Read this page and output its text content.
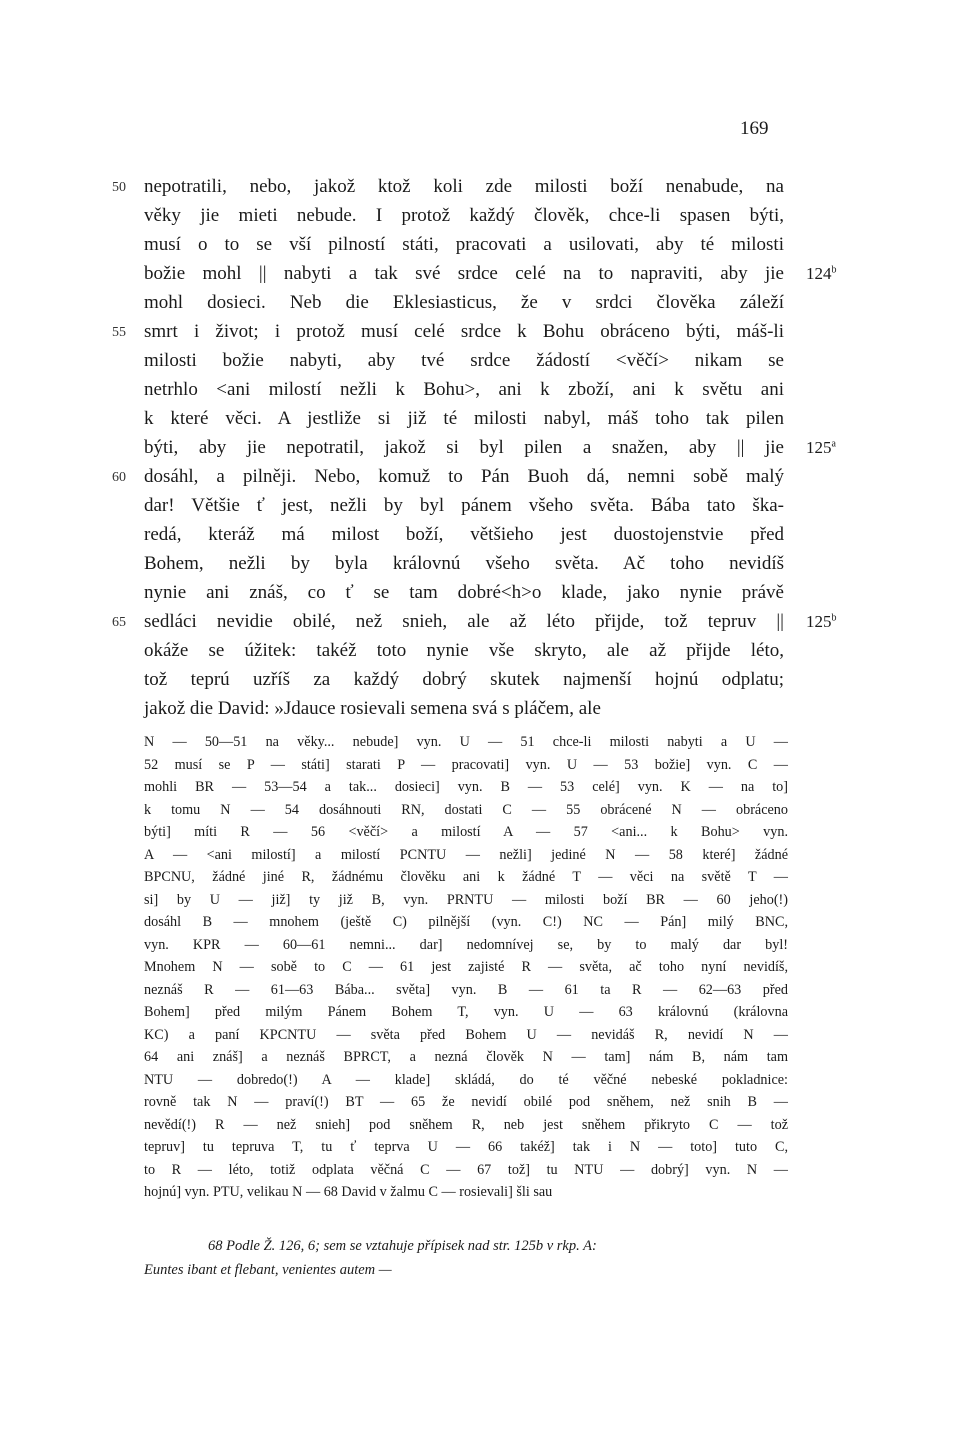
169
nepotratili, nebo, jakož ktož koli zde milosti boží nenabude, na
věky jie mieti nebude. I protož každý člověk, chce-li spasen býti,
musí o to se vší pilností státi, pracovati a usilovati, aby té milosti
božie mohl || nabyti a tak své srdce celé na to napraviti, aby jie
mohl dosieci. Neb die Eklesiasticus, že v srdci člověka záleží
smrt i život; i protož musí celé srdce k Bohu obráceno býti, máš-li
milosti božie nabyti, aby tvé srdce žádostí <věčí> nikam se
netrhlo <ani milostí nežli k Bohu>, ani k zboží, ani k světu ani
k které věci. A jestliže si již té milosti nabyl, máš toho tak pilen
býti, aby jie nepotratil, jakož si byl pilen a snažen, aby || jie
dosáhl, a pilněji. Nebo, komuž to Pán Buoh dá, nemni sobě malý
dar! Většie ť jest, nežli by byl pánem všeho světa. Bába tato ška-
redá, kteráž má milost boží, většieho jest duostojenstvie před
Bohem, nežli by byla královnú všeho světa. Ač toho nevidíš
nynie ani znáš, co ť se tam dobré<h>o klade, jako nynie právě
sedláci nevidie obilé, než snieh, ale až léto přijde, tož tepruv ||
okáže se úžitek: takéž toto nynie vše skryto, ale až přijde léto,
tož teprú uzříš za každý dobrý skutek najmenší hojnú odplatu;
jakož die David: »Jdauce rosievali semena svá s pláčem, ale
50
55
60
65
124$^b$
125$^a$
125$^b$
N — 50—51 na věky... nebude] vyn. U — 51 chce-li milosti nabyti a U —
52 musí se P — státi] starati P — pracovati] vyn. U — 53 božie] vyn. C —
mohli BR — 53—54 a tak... dosieci] vyn. B — 53 celé] vyn. K — na to]
k tomu N — 54 dosáhnouti RN, dostati C — 55 obrácené N — obráceno
býti] míti R — 56 <věčí> a milostí A — 57 <ani... k Bohu> vyn.
A — <ani milostí] a milostí PCNTU — nežli] jediné N — 58 které] žádné
BPCNU, žádné jiné R, žádnému člověku ani k žádné T — věci na světě T —
si] by U — již] ty již B, vyn. PRNTU — milosti boží BR — 60 jeho(!)
dosáhl B — mnohem (ještě C) pilnější (vyn. C!) NC — Pán] milý BNC,
vyn. KPR — 60—61 nemni... dar] nedomnívej se, by to malý dar byl!
Mnohem N — sobě to C — 61 jest zajisté R — světa, ač toho nyní nevidíš,
neznáš R — 61—63 Bába... světa] vyn. B — 61 ta R — 62—63 před
Bohem] před milým Pánem Bohem T, vyn. U — 63 královnú (královna
KC) a paní KPCNTU — světa před Bohem U — nevidáš R, nevidí N —
64 ani znáš] a neznáš BPRCT, a nezná člověk N — tam] nám B, nám tam
NTU — dobredo(!) A — klade] skládá, do té věčné nebeské pokladnice:
rovně tak N — praví(!) BT — 65 že nevidí obilé pod sněhem, než snih B —
nevědí(!) R — než snieh] pod sněhem R, neb jest sněhem přikryto C — tož
tepruv] tu tepruva T, tu ť teprva U — 66 takéž] tak i N — toto] tuto C,
to R — léto, totiž odplata věčná C — 67 tož] tu NTU — dobrý] vyn. N —
hojnú] vyn. PTU, velikau N — 68 David v žalmu C — rosievali] šli sau
68 Podle Ž. 126, 6; sem se vztahuje přípisek nad str. 125b v rkp. A:
Euntes ibant et flebant, venientes autem —
